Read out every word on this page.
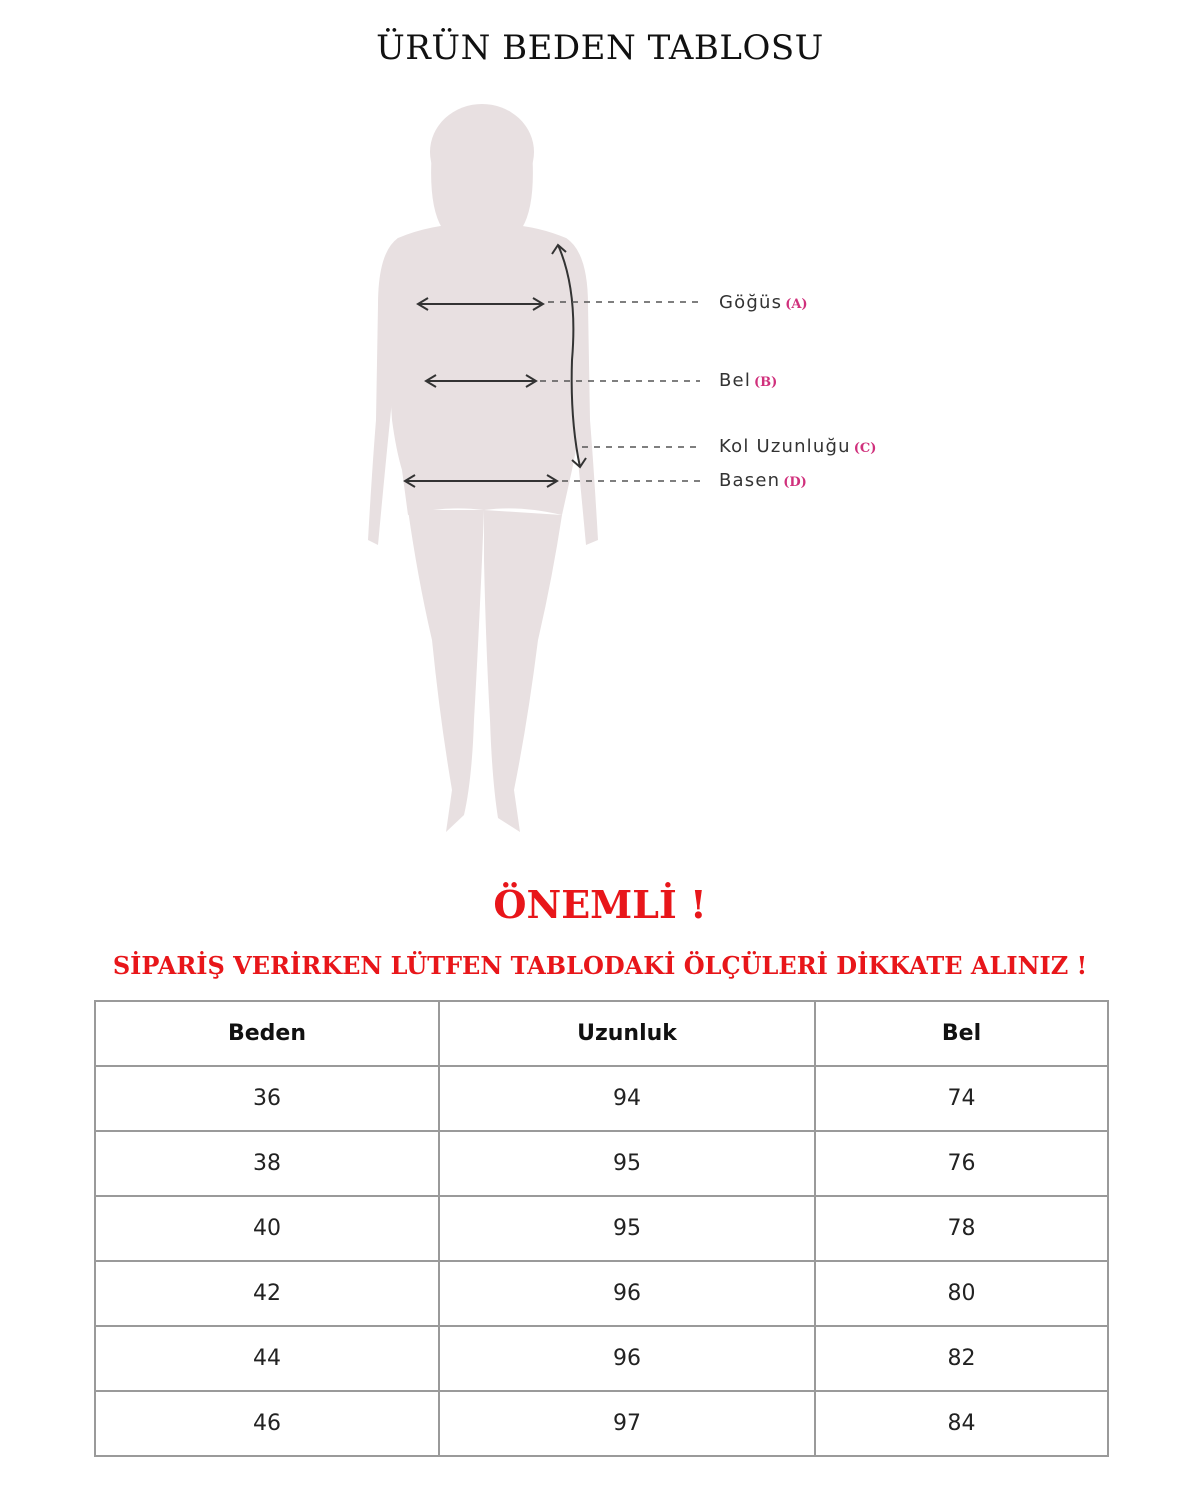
ÜRÜN BEDEN TABLOSU
Göğüs (A)
Bel (B)
Kol Uzunluğu (C)
Basen (D)
ÖNEMLİ !
SİPARİŞ VERİRKEN LÜTFEN TABLODAKİ ÖLÇÜLERİ DİKKATE ALINIZ !
Beden	Uzunluk	Bel
36	94	74
38	95	76
40	95	78
42	96	80
44	96	82
46	97	84
